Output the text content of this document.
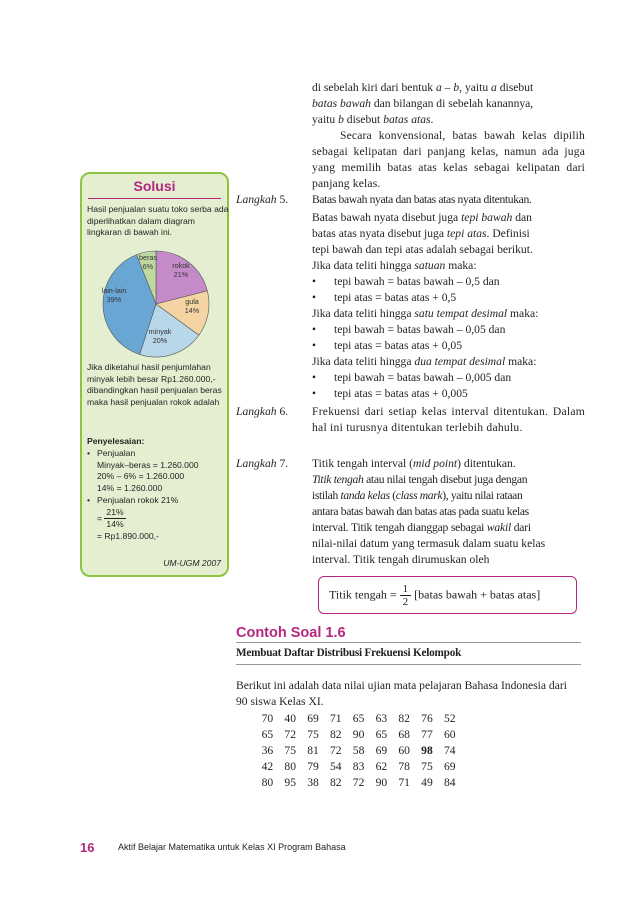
Solusi
Hasil penjualan suatu toko serba ada diperlihatkan dalam diagram lingkaran di bawah ini.
rokok
21%
gula
14%
minyak
20%
lain-lain
39%
beras
6%
Jika diketahui hasil penjumlahan minyak lebih besar Rp1.260.000,- dibandingkan hasil penjualan beras maka hasil penjualan rokok adalah
Penyelesaian:
• Penjualan
Minyak–beras = 1.260.000
20% – 6% = 1.260.000
14% = 1.260.000
• Penjualan rokok 21%
= $\frac{21\%}{14\%}$
= Rp1.890.000,-
UM-UGM 2007
di sebelah kiri dari bentuk a – b, yaitu a disebut
batas bawah dan bilangan di sebelah kanannya,
yaitu b disebut batas atas.
Secara konvensional, batas bawah kelas dipilih sebagai kelipatan dari panjang kelas, namun ada juga yang memilih batas atas kelas sebagai kelipatan dari panjang kelas.
Langkah 5. Batas bawah nyata dan batas atas nyata ditentukan.
Batas bawah nyata disebut juga tepi bawah dan
batas atas nyata disebut juga tepi atas. Definisi
tepi bawah dan tepi atas adalah sebagai berikut.
Jika data teliti hingga satuan maka:
• tepi bawah = batas bawah – 0,5 dan
• tepi atas = batas atas + 0,5
Jika data teliti hingga satu tempat desimal maka:
• tepi bawah = batas bawah – 0,05 dan
• tepi atas = batas atas + 0,05
Jika data teliti hingga dua tempat desimal maka:
• tepi bawah = batas bawah – 0,005 dan
• tepi atas = batas atas + 0,005
Langkah 6. Frekuensi dari setiap kelas interval ditentukan. Dalam hal ini turusnya ditentukan terlebih dahulu.
Langkah 7. Titik tengah interval (mid point) ditentukan.
Titik tengah atau nilai tengah disebut juga dengan
istilah tanda kelas (class mark), yaitu nilai rataan
antara batas bawah dan batas atas pada suatu kelas
interval. Titik tengah dianggap sebagai wakil dari
nilai-nilai datum yang termasuk dalam suatu kelas
interval. Titik tengah dirumuskan oleh
Titik tengah = $\frac{1}{2}$ [batas bawah + batas atas]
Contoh Soal 1.6
Membuat Daftar Distribusi Frekuensi Kelompok
Berikut ini adalah data nilai ujian mata pelajaran Bahasa Indonesia dari 90 siswa Kelas XI.
70	40	69	71	65	63	82	76	52
65	72	75	82	90	65	68	77	60
36	75	81	72	58	69	60	98	74
42	80	79	54	83	62	78	75	69
80	95	38	82	72	90	71	49	84
16	Aktif Belajar Matematika untuk Kelas XI Program Bahasa
